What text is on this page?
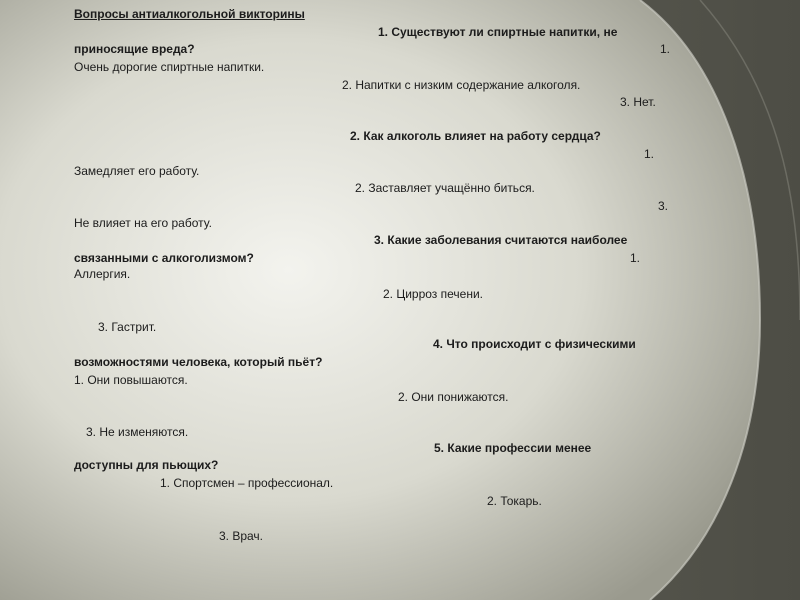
Вопросы антиалкогольной викторины
1. Существуют ли спиртные напитки, не
приносящие вреда?	1.
Очень дорогие спиртные напитки.
2. Напитки с низким содержание алкоголя.
3. Нет.
2. Как алкоголь влияет на работу сердца?
1.
Замедляет его работу.
2. Заставляет учащённо биться.
3.
Не влияет на его работу.
3. Какие заболевания считаются наиболее
связанными с алкоголизмом?	1.
Аллергия.
2. Цирроз печени.
3. Гастрит.
4. Что происходит с физическими
возможностями человека, который пьёт?
1. Они повышаются.
2. Они понижаются.
3. Не изменяются.
5. Какие профессии менее
доступны для пьющих?
1. Спортсмен – профессионал.
2. Токарь.
3. Врач.
